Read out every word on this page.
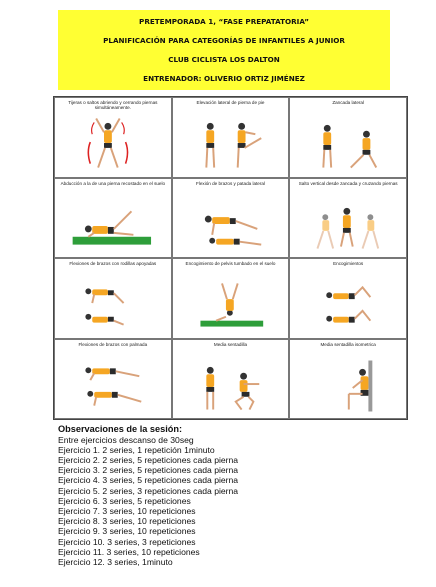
PRETEMPORADA 1, “FASE PREPATATORIA”
PLANIFICACIÓN PARA CATEGORÍAS DE INFANTILES A JUNIOR
CLUB CICLISTA LOS DALTON
ENTRENADOR: OLIVERIO ORTIZ JIMÉNEZ
Tijeras o saltos abriendo y cerrando piernas simultáneamente.
Elevación lateral de pierna de pie	Zancada lateral
Abducción a la de una pierna recostado en el suelo	Flexión de brazos y patada lateral	Salto vertical desde zancada y cruzando piernas
Flexiones de brazos con rodillas apoyadas	Encogimiento de pelvis tumbado en el suelo	Encogimientos
Flexiones de brazos con palmada	Media sentadilla	Media sentadilla isometrica
Observaciones de la sesión:
Entre ejercicios descanso de 30seg
Ejercicio 1. 2 series, 1 repetición 1minuto
Ejercicio 2. 2 series, 5 repeticiones cada pierna
Ejercicio 3. 2 series, 5 repeticiones cada pierna
Ejercicio 4. 3 series, 5 repeticiones cada pierna
Ejercicio 5. 2 series, 3 repeticiones cada pierna
Ejercicio 6. 3 series, 5 repeticiones
Ejercicio 7. 3 series, 10 repeticiones
Ejercicio 8. 3 series, 10 repeticiones
Ejercicio 9. 3 series, 10 repeticiones
Ejercicio 10. 3 series, 3 repeticiones
Ejercicio 11. 3 series, 10 repeticiones
Ejercicio 12. 3 series, 1minuto
